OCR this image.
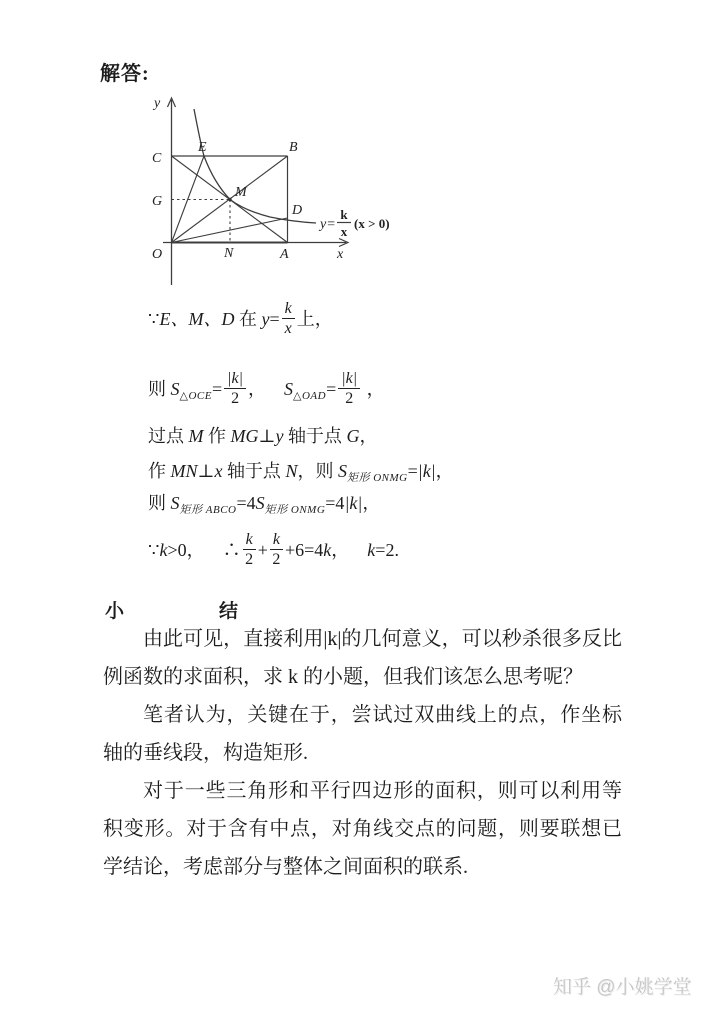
解答:
y
x
O
C
E	B
G
M
D
N	A
y=
k
x
(x > 0)
∵E、M、D 在 $y= \frac{k}{x}$ 上，
则 $S_{\triangle OCE}= \frac{|k|}{2}$ ， $S_{\triangle OAD}= \frac{|k|}{2}$ ，
过点 M 作 MG⊥y 轴于点 G，
作 MN⊥x 轴于点 N，则 $S_{矩形 ONMG}=|k|$，
则 $S_{矩形 ABCO}=4S_{矩形 ONMG}=4|k|$，
∵k>0， ∴ $\frac{k}{2} + \frac{k}{2} +6=4k$， k=2.
小	结

由此可见，直接利用|k|的几何意义，可以秒杀很多反比例函数的求面积，求 k 的小题，但我们该怎么思考呢？

笔者认为，关键在于，尝试过双曲线上的点，作坐标轴的垂线段，构造矩形.

对于一些三角形和平行四边形的面积，则可以利用等积变形。对于含有中点，对角线交点的问题，则要联想已学结论，考虑部分与整体之间面积的联系.

知乎 @小姚学堂
